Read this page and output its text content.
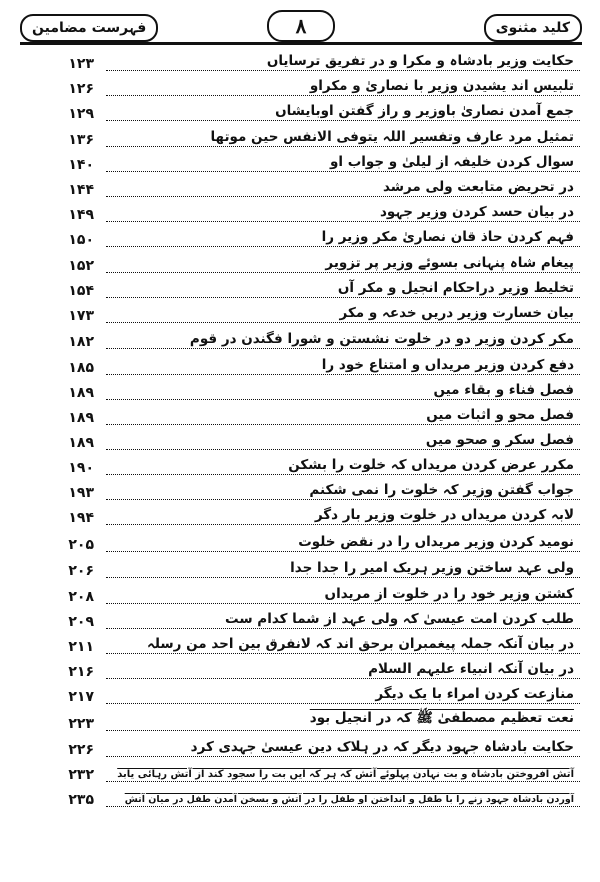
فہرست مضامین	۸	کلید مثنوی
۱۲۳	حکایت وزیر بادشاہ و مکرا و در تفریق ترسایاں
۱۲۶	تلبیس اند یشیدن وزیر با نصاریٰ و مکراو
۱۲۹	جمع آمدن نصاریٰ باوزیر و راز گفتن اوبایشاں
۱۳۶	تمثیل مرد عارف وتفسیر اللہ یتوفی الانفس حین موتھا
۱۴۰	سوال کردن خلیفہ از لیلیٰ و جواب او
۱۴۴	در تحریض متابعت ولی مرشد
۱۴۹	در بیان حسد کردن وزیر جہود
۱۵۰	فہم کردن حاذ قان نصاریٰ مکر وزیر را
۱۵۲	پیغام شاہ پنہانی بسوئے وزیر پر تزویر
۱۵۴	تخلیط وزیر دراحکام انجیل و مکر آں
۱۷۳	بیان خسارت وزیر دریں خدعہ و مکر
۱۸۲	مکر کردن وزیر دو در خلوت نشستن و شورا فگندن در قوم
۱۸۵	دفع کردن وزیر مریداں و امتناع خود را
۱۸۹	فصل فناء و بقاء میں
۱۸۹	فصل محو و اثبات میں
۱۸۹	فصل سکر و صحو میں
۱۹۰	مکرر عرض کردن مریداں کہ خلوت را بشکن
۱۹۳	جواب گفتن وزیر کہ خلوت را نمی شکنم
۱۹۴	لابہ کردن مریداں در خلوت وزیر بار دگر
۲۰۵	نومید کردن وزیر مریداں را در نقض خلوت
۲۰۶	ولی عہد ساختن وزیر ہریک امیر را جدا جدا
۲۰۸	کشتن وزیر خود را در خلوت از مریداں
۲۰۹	طلب کردن امت عیسیٰ کہ ولی عہد از شما کدام ست
۲۱۱	در بیان آنکہ جملہ پیغمبران برحق اند کہ لانفرق بین احد من رسلہ
۲۱۶	در بیان آنکہ انبیاء علیہم السلام
۲۱۷	منازعت کردن امراء با یک دیگر
۲۲۳	نعت تعظیم مصطفیٰ ﷺ کہ در انجیل بود
۲۲۶	حکایت بادشاہ جہود دیگر کہ در ہلاک دین عیسیٰ جہدی کرد
۲۳۲ آتش افروختن بادشاہ و بت نہادن پہلوئے آتش کہ ہر کہ ایں بت را سجود کند از آتش رہائی یابد
۲۳۵	آوردن بادشاہ جہود زنے را با طفل و انداختن او طفل را در آتش و بسخن آمدن طفل در میان آتش
